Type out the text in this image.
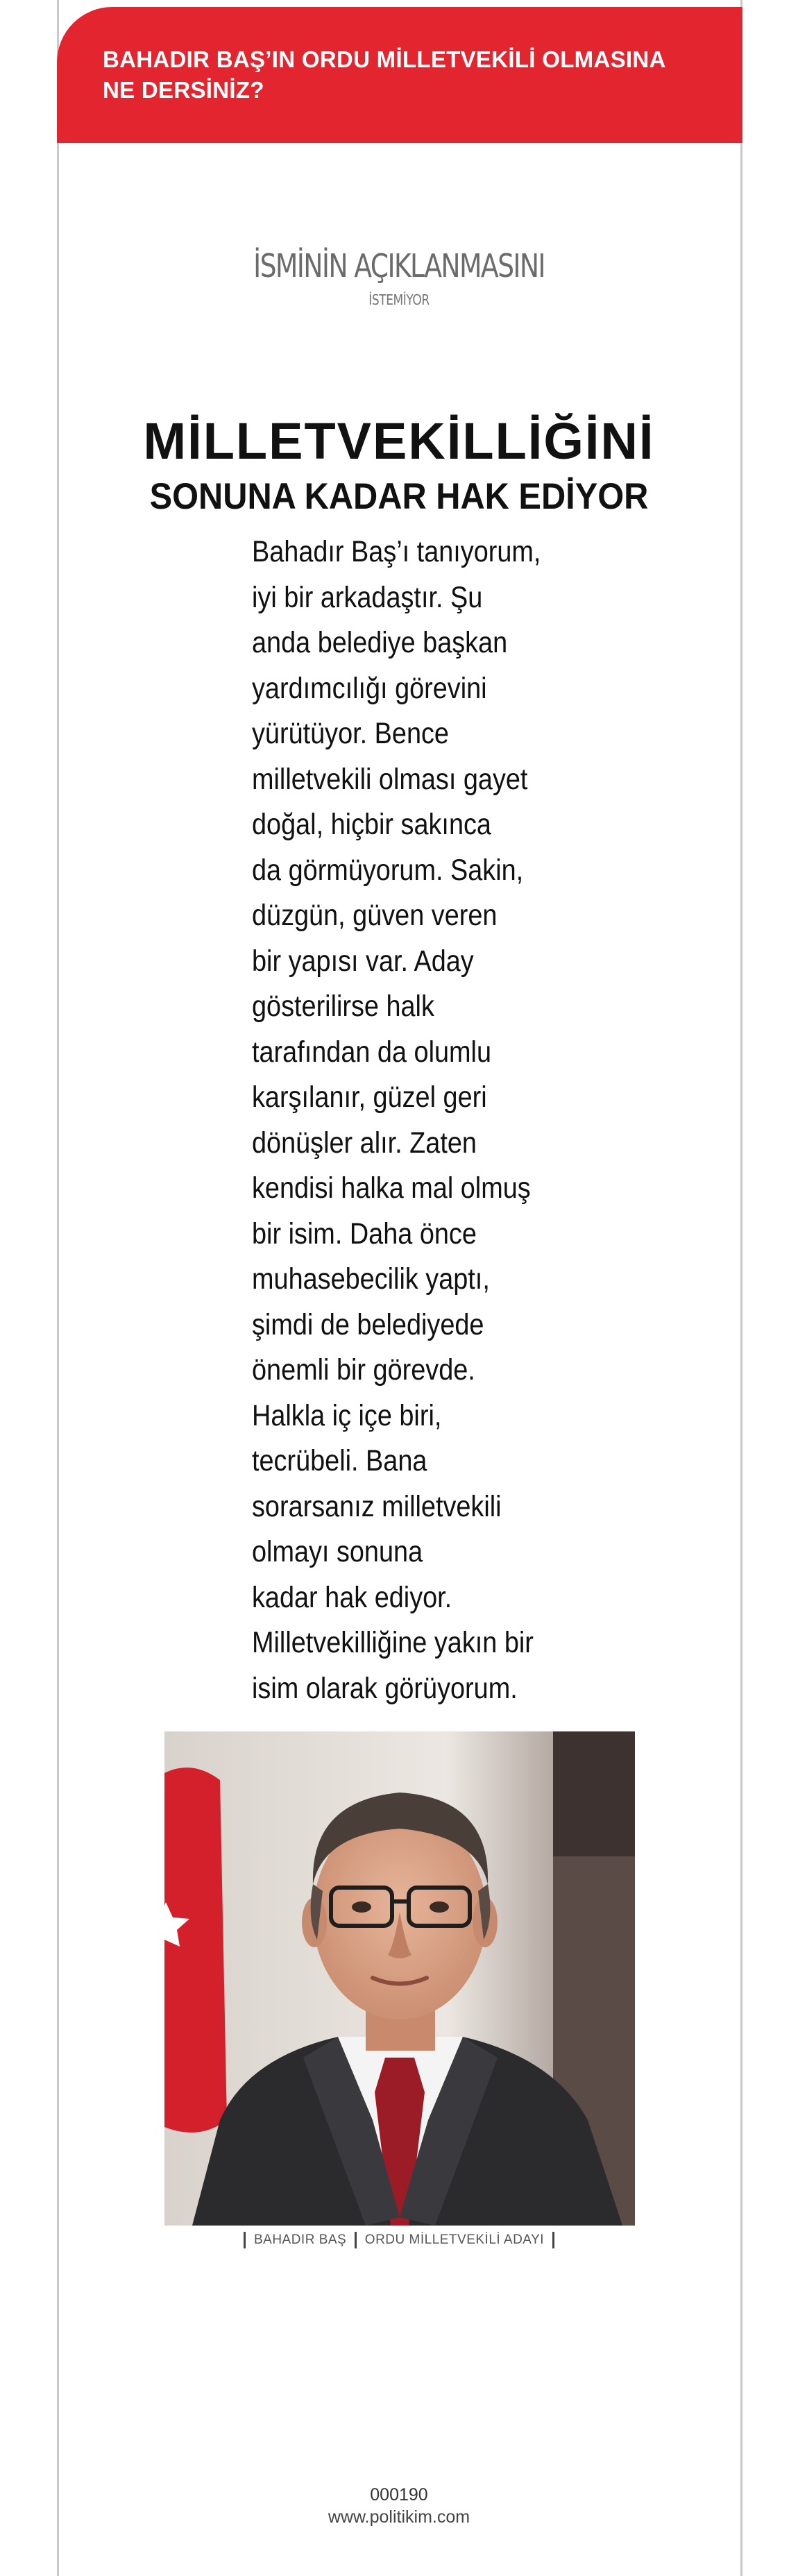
BAHADIR BAŞ’IN ORDU MİLLETVEKİLİ OLMASINA
NE DERSİNİZ?

İSMİNİN AÇIKLANMASINI
İSTEMİYOR
MİLLETVEKİLLİĞİNİ
SONUNA KADAR HAK EDİYOR

Bahadır Baş’ı tanıyorum,
iyi bir arkadaştır. Şu
anda belediye başkan
yardımcılığı görevini
yürütüyor. Bence
milletvekili olması gayet
doğal, hiçbir sakınca
da görmüyorum. Sakin,
düzgün, güven veren
bir yapısı var. Aday
gösterilirse halk
tarafından da olumlu
karşılanır, güzel geri
dönüşler alır. Zaten
kendisi halka mal olmuş
bir isim. Daha önce
muhasebecilik yaptı,
şimdi de belediyede
önemli bir görevde.
Halkla iç içe biri,
tecrübeli. Bana
sorarsanız milletvekili
olmayı sonuna
kadar hak ediyor.
Milletvekilliğine yakın bir
isim olarak görüyorum.

BAHADIR BAŞ ORDU MİLLETVEKİLİ ADAYI
000190
www.politikim.com
